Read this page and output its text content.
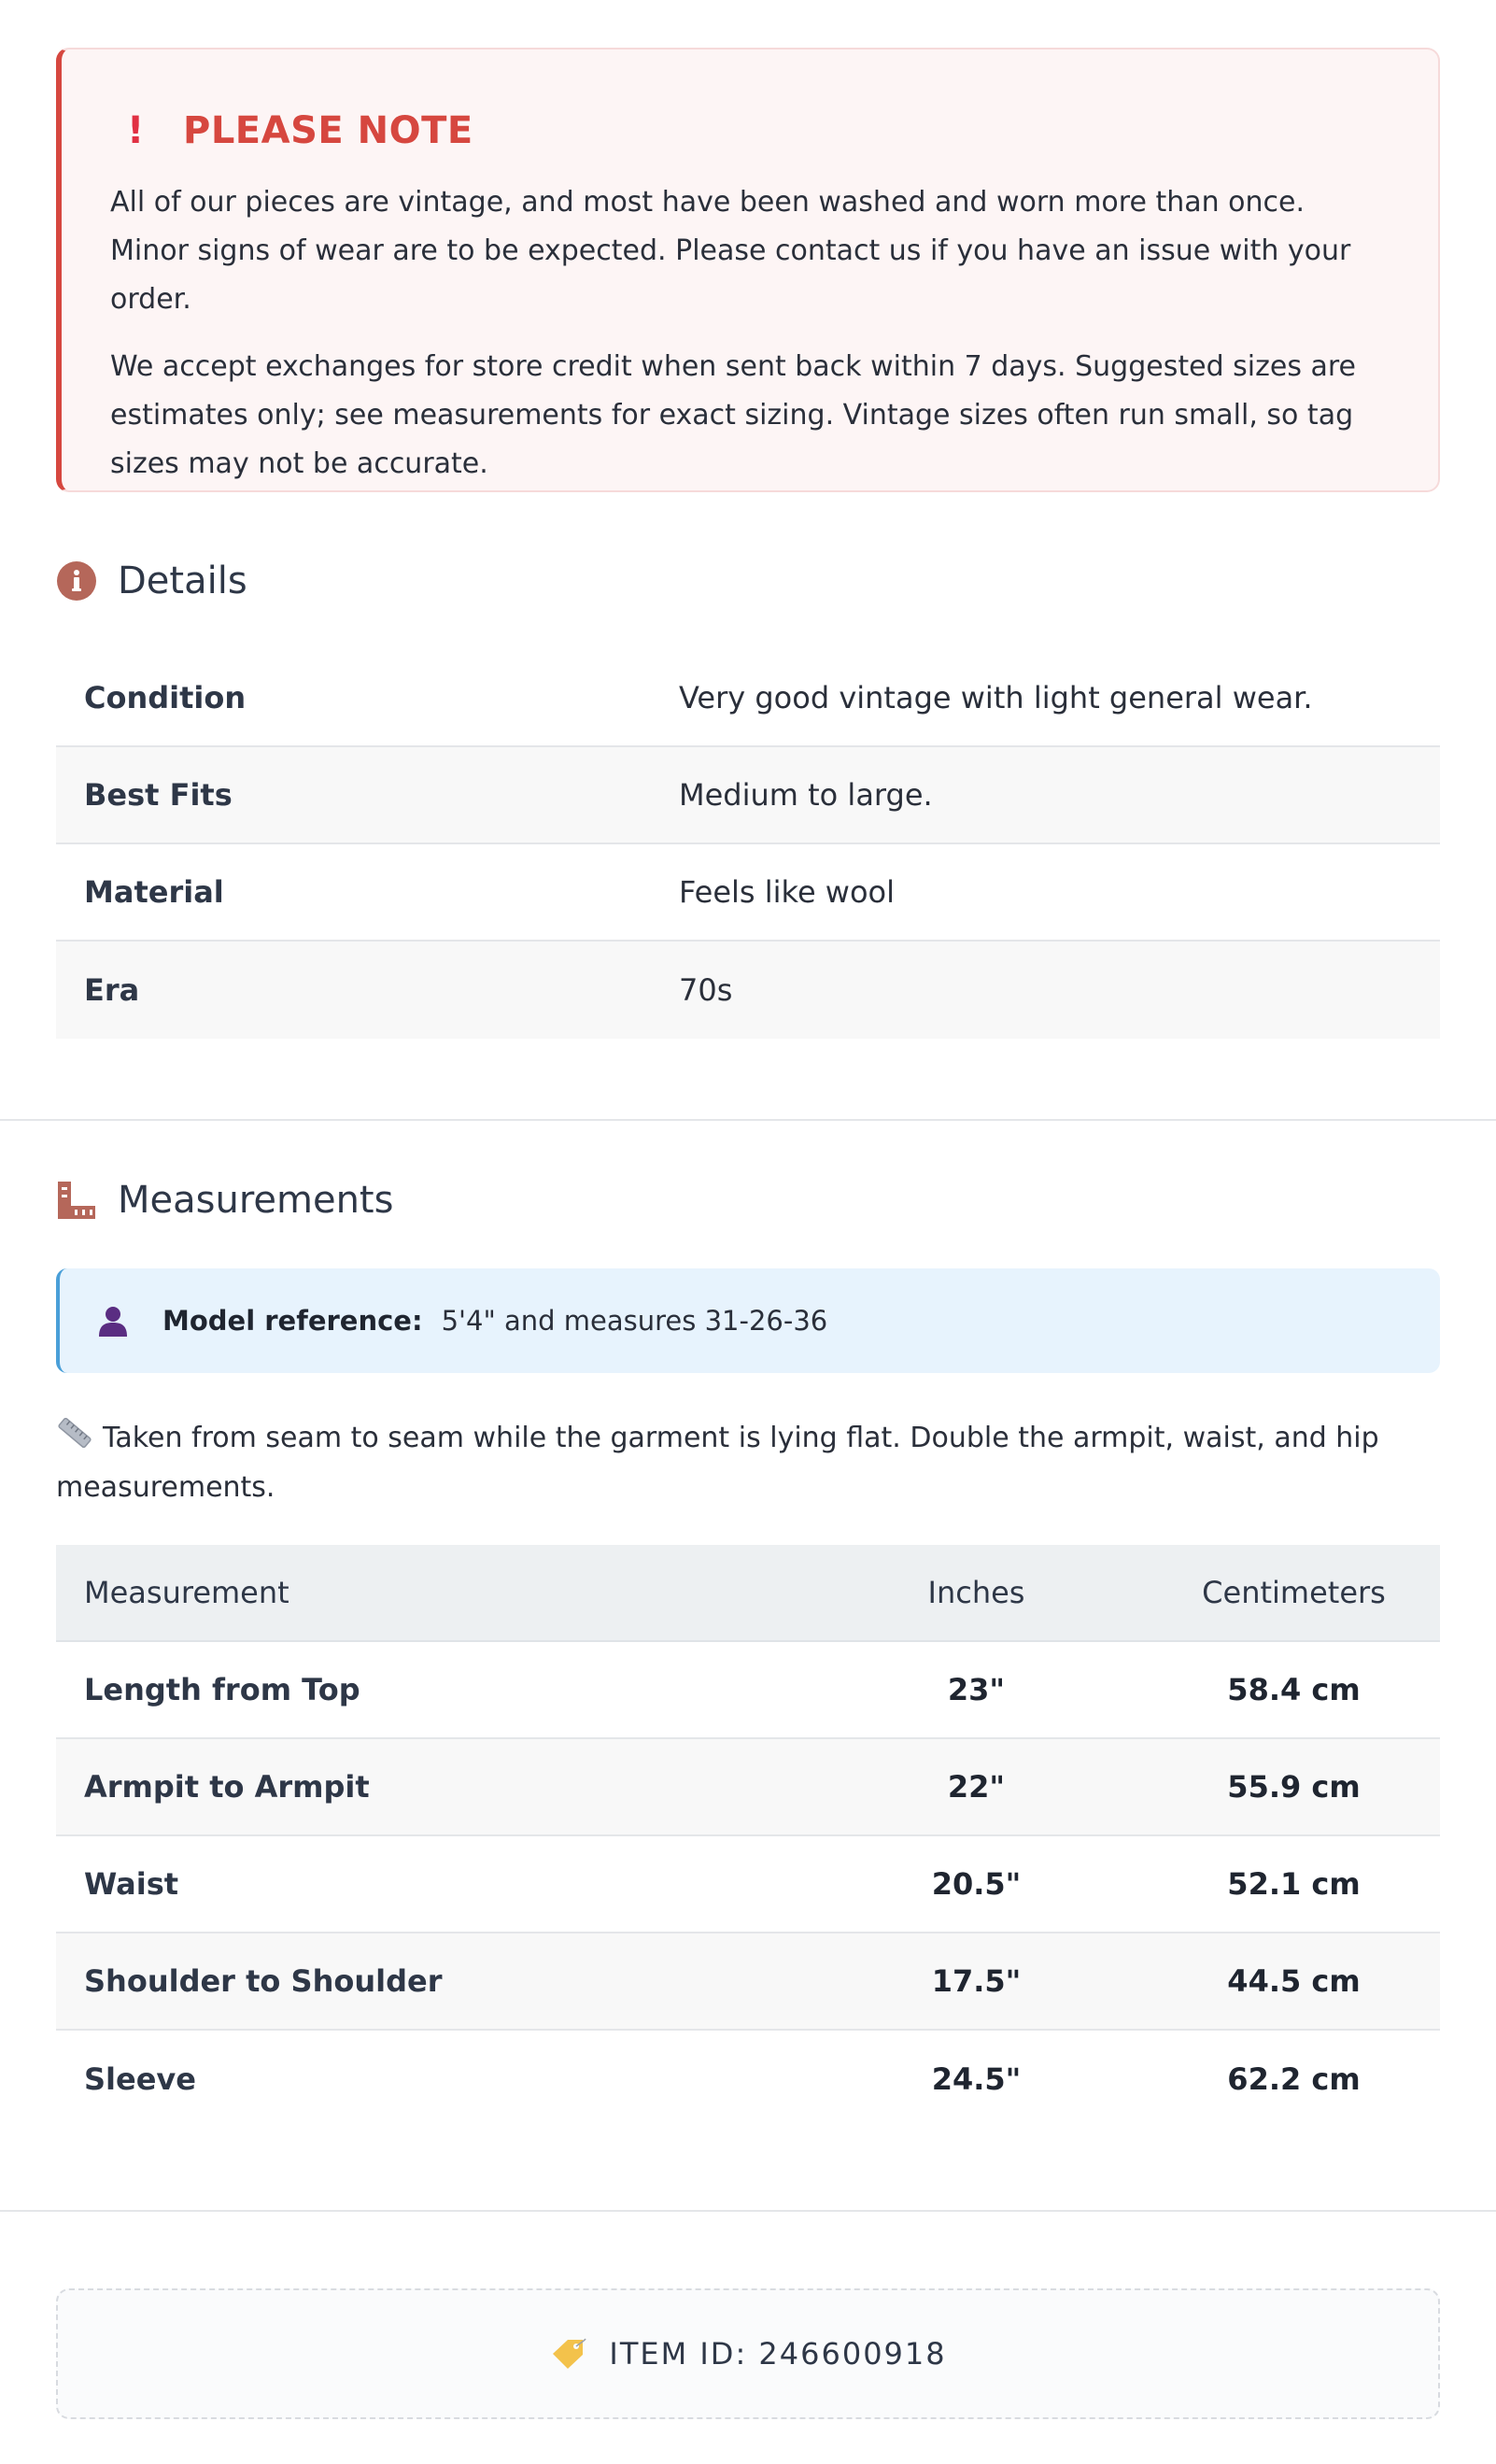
!	PLEASE NOTE

All of our pieces are vintage, and most have been washed and worn more than once. Minor signs of wear are to be expected. Please contact us if you have an issue with your order.

We accept exchanges for store credit when sent back within 7 days. Suggested sizes are estimates only; see measurements for exact sizing. Vintage sizes often run small, so tag sizes may not be accurate.

Details
Condition	Very good vintage with light general wear.
Best Fits	Medium to large.
Material	Feels like wool
Era	70s
Measurements
Model reference: 5'4" and measures 31-26-36
Taken from seam to seam while the garment is lying flat. Double the armpit, waist, and hip measurements.
Measurement	Inches	Centimeters
Length from Top	23"	58.4 cm
Armpit to Armpit	22"	55.9 cm
Waist	20.5"	52.1 cm
Shoulder to Shoulder	17.5"	44.5 cm
Sleeve	24.5"	62.2 cm
ITEM ID: 246600918
